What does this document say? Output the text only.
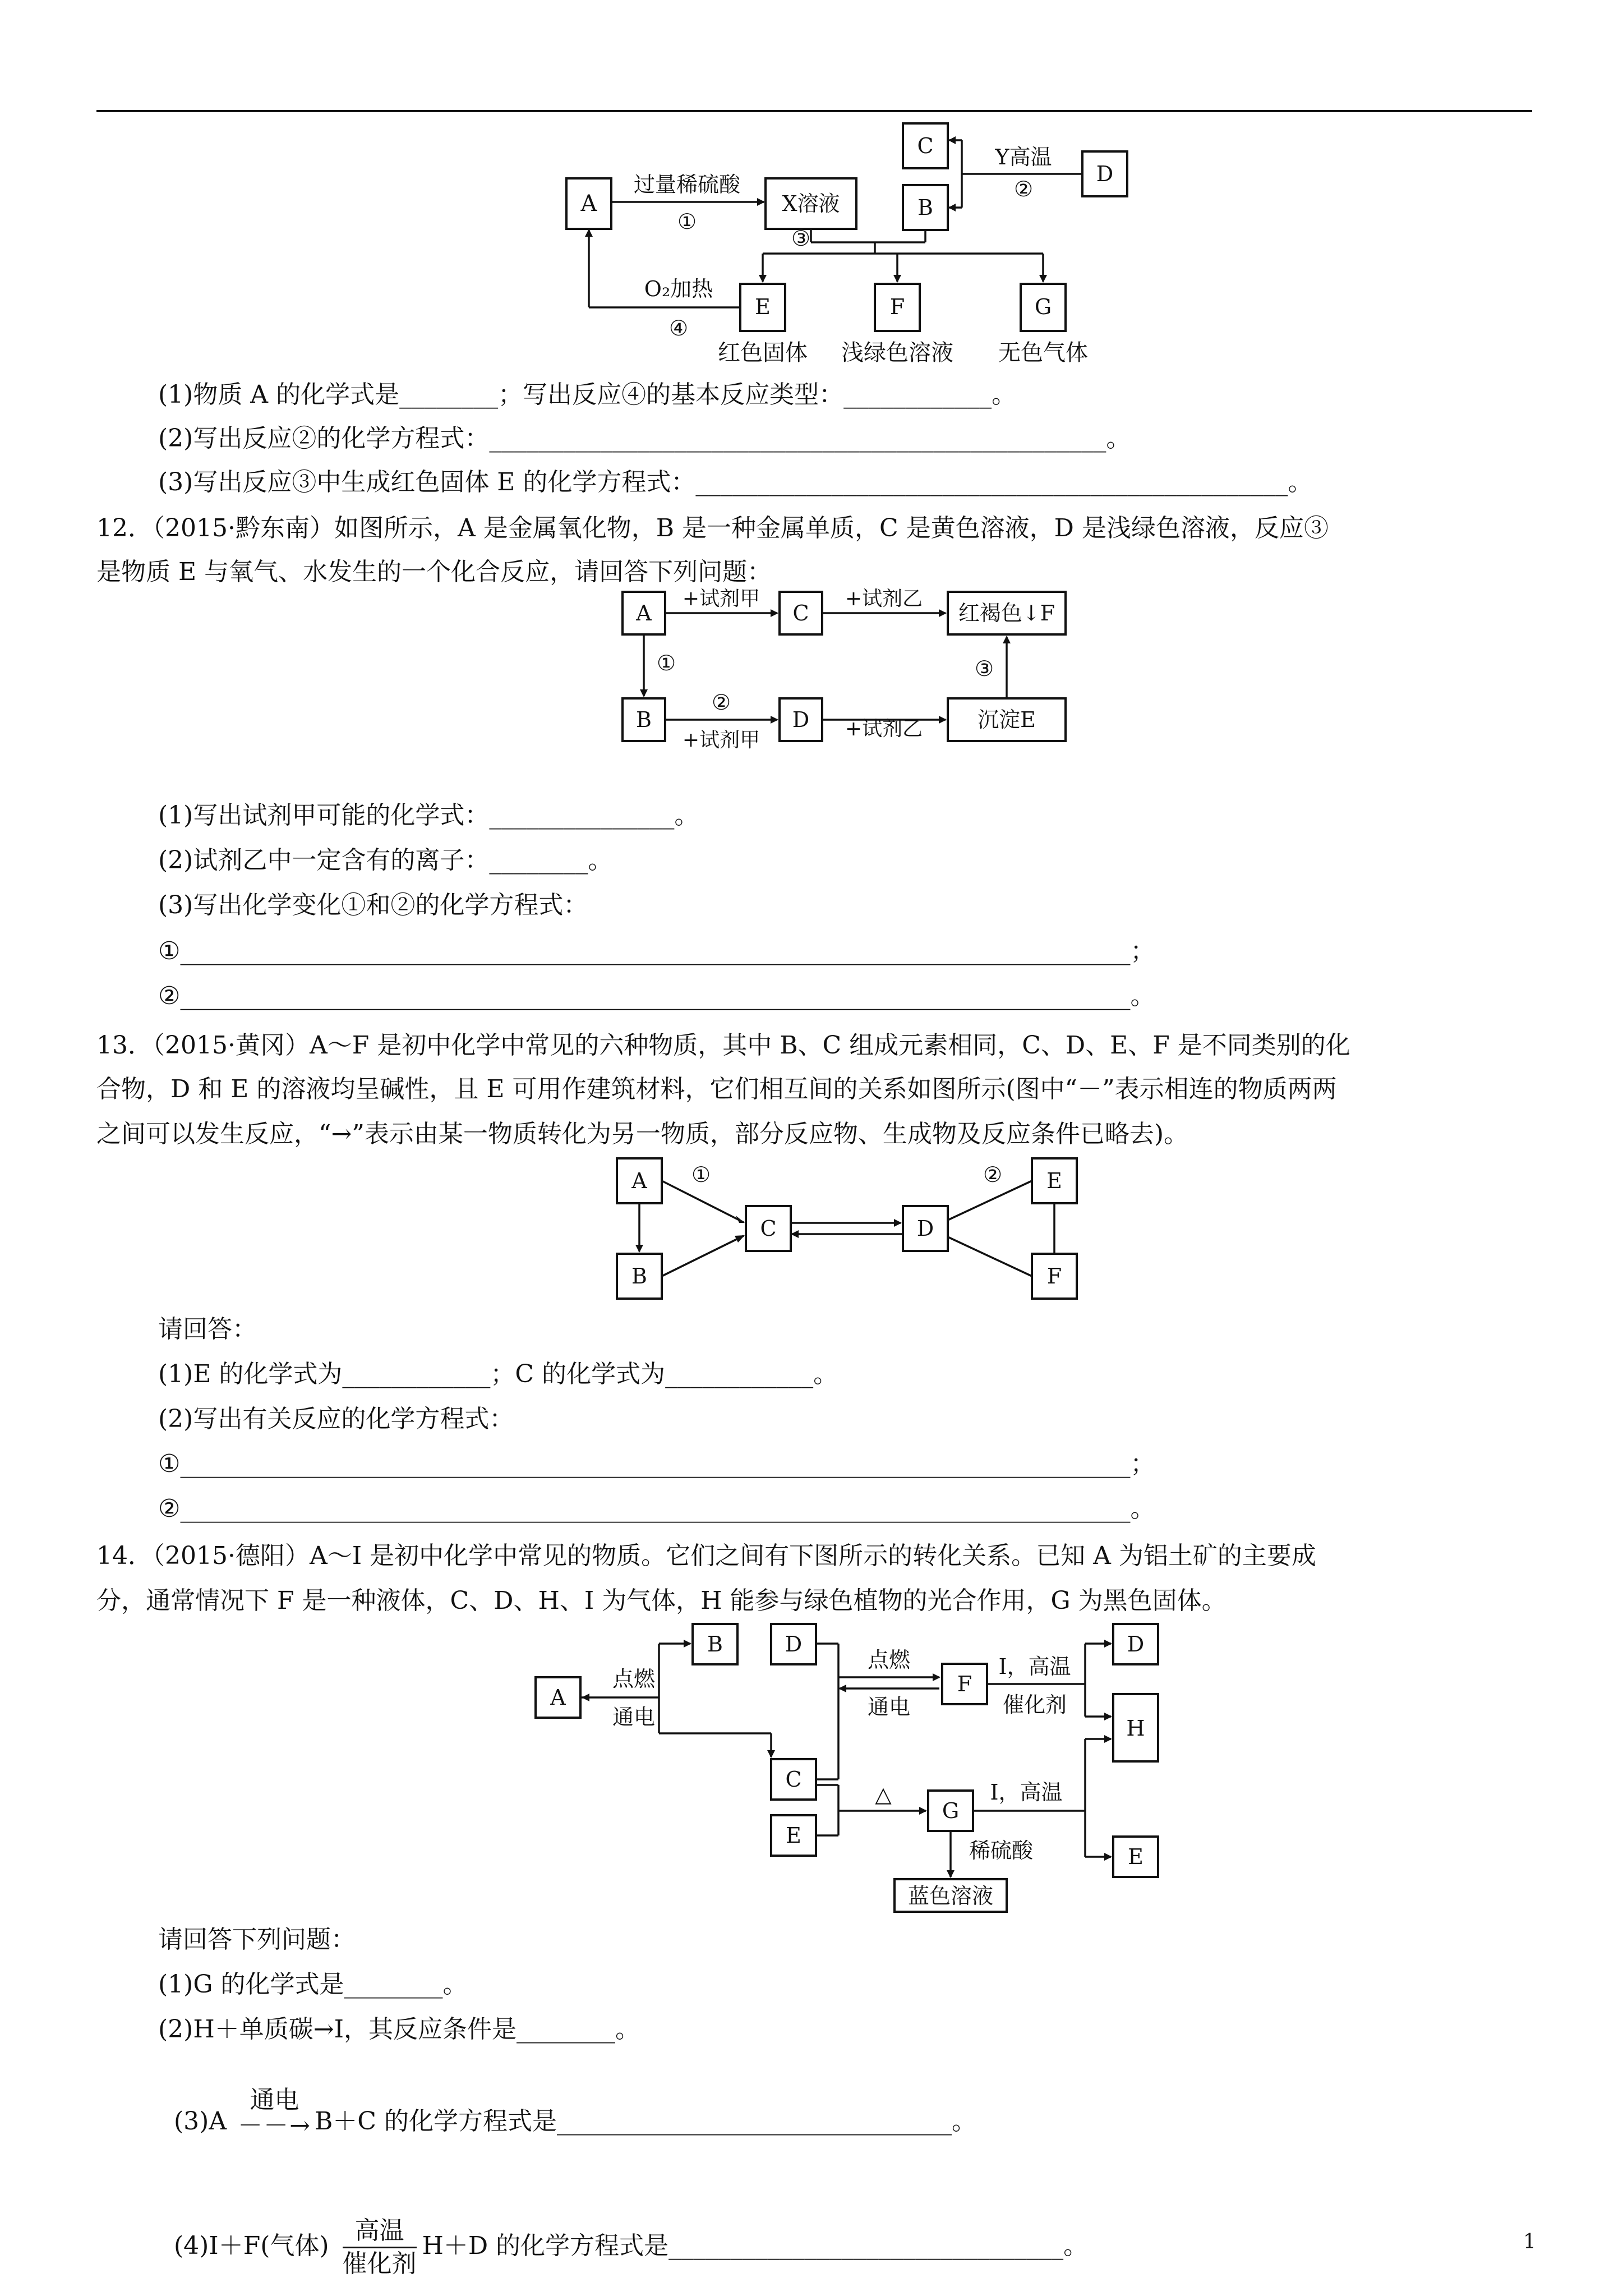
A
过量稀硫酸
①
X溶液
C
B
D
Y高温
②
③
E	F	G
O₂加热
④
红色固体 浅绿色溶液 无色气体
(1)物质 A 的化学式是________；写出反应④的基本反应类型：____________。
(2)写出反应②的化学方程式：__________________________________________________。
(3)写出反应③中生成红色固体 E 的化学方程式：________________________________________________。
12．（2015·黔东南）如图所示，A 是金属氧化物，B 是一种金属单质，C 是黄色溶液，D 是浅绿色溶液，反应③
是物质 E 与氧气、水发生的一个化合反应，请回答下列问题：
A
+试剂甲
C
+试剂乙
红褐色↓F
①
B
②
+试剂甲
D +试剂乙	沉淀E
③
(1)写出试剂甲可能的化学式：_______________。
(2)试剂乙中一定含有的离子：________。
(3)写出化学变化①和②的化学方程式：
①_____________________________________________________________________________；
②_____________________________________________________________________________。
13．（2015·黄冈）A～F 是初中化学中常见的六种物质，其中 B、C 组成元素相同，C、D、E、F 是不同类别的化
合物，D 和 E 的溶液均呈碱性，且 E 可用作建筑材料，它们相互间的关系如图所示(图中“－”表示相连的物质两两
之间可以发生反应，“→”表示由某一物质转化为另一物质，部分反应物、生成物及反应条件已略去)。
A
B
C	D
E
F
①	②
请回答：
(1)E 的化学式为____________；C 的化学式为____________。
(2)写出有关反应的化学方程式：
①_____________________________________________________________________________；
②_____________________________________________________________________________。
14．（2015·德阳）A～I 是初中化学中常见的物质。它们之间有下图所示的转化关系。已知 A 为铝土矿的主要成
分，通常情况下 F 是一种液体，C、D、H、I 为气体，H 能参与绿色植物的光合作用，G 为黑色固体。
A
点燃
通电
B	D
C
点燃
通电
F
I，高温
催化剂
D
H
E
△
G
I，高温
E
稀硫酸
蓝色溶液
请回答下列问题：
(1)G 的化学式是________。
(2)H＋单质碳→I，其反应条件是________。

(3)A
通电
－－→ B＋C 的化学方程式是________________________________。

(4)I＋F(气体)
高温
催化剂
H＋D 的化学方程式是________________________________。	1
